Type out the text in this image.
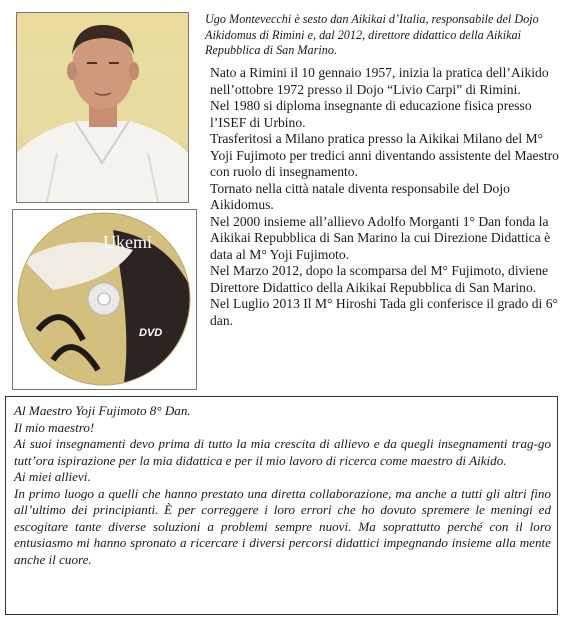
Ukemi
DVD

Ugo Montevecchi è sesto dan Aikikai d’Italia, responsabile del Dojo Aikidomus di Rimini e, dal 2012, direttore didattico della Aikikai Repubblica di San Marino.

Nato a Rimini il 10 gennaio 1957, inizia la pratica dell’Aikido nell’ottobre 1972 presso il Dojo “Livio Carpi” di Rimini.

Nel 1980 si diploma insegnante di educazione fisica presso l’ISEF di Urbino.

Trasferitosi a Milano pratica presso la Aikikai Milano del M° Yoji Fujimoto per tredici anni diventando assistente del Maestro con ruolo di insegnamento.

Tornato nella città natale diventa responsabile del Dojo Aikidomus.

Nel 2000 insieme all’allievo Adolfo Morganti 1° Dan fonda la Aikikai Repubblica di San Marino la cui Direzione Didattica è data al M° Yoji Fujimoto.

Nel Marzo 2012, dopo la scomparsa del M° Fujimoto, diviene Direttore Didattico della Aikikai Repubblica di San Marino.

Nel Luglio 2013 Il M° Hiroshi Tada gli conferisce il grado di 6° dan.

Al Maestro Yoji Fujimoto 8° Dan.

Il mio maestro!

Ai suoi insegnamenti devo prima di tutto la mia crescita di allievo e da quegli insegnamenti trag-go tutt’ora ispirazione per la mia didattica e per il mio lavoro di ricerca come maestro di Aikido.

Ai miei allievi.

In primo luogo a quelli che hanno prestato una diretta collaborazione, ma anche a tutti gli altri fino all’ultimo dei principianti. È per correggere i loro errori che ho dovuto spremere le meningi ed escogitare tante diverse soluzioni a problemi sempre nuovi. Ma soprattutto perché con il loro entusiasmo mi hanno spronato a ricercare i diversi percorsi didattici impegnando insieme alla mente anche il cuore.
